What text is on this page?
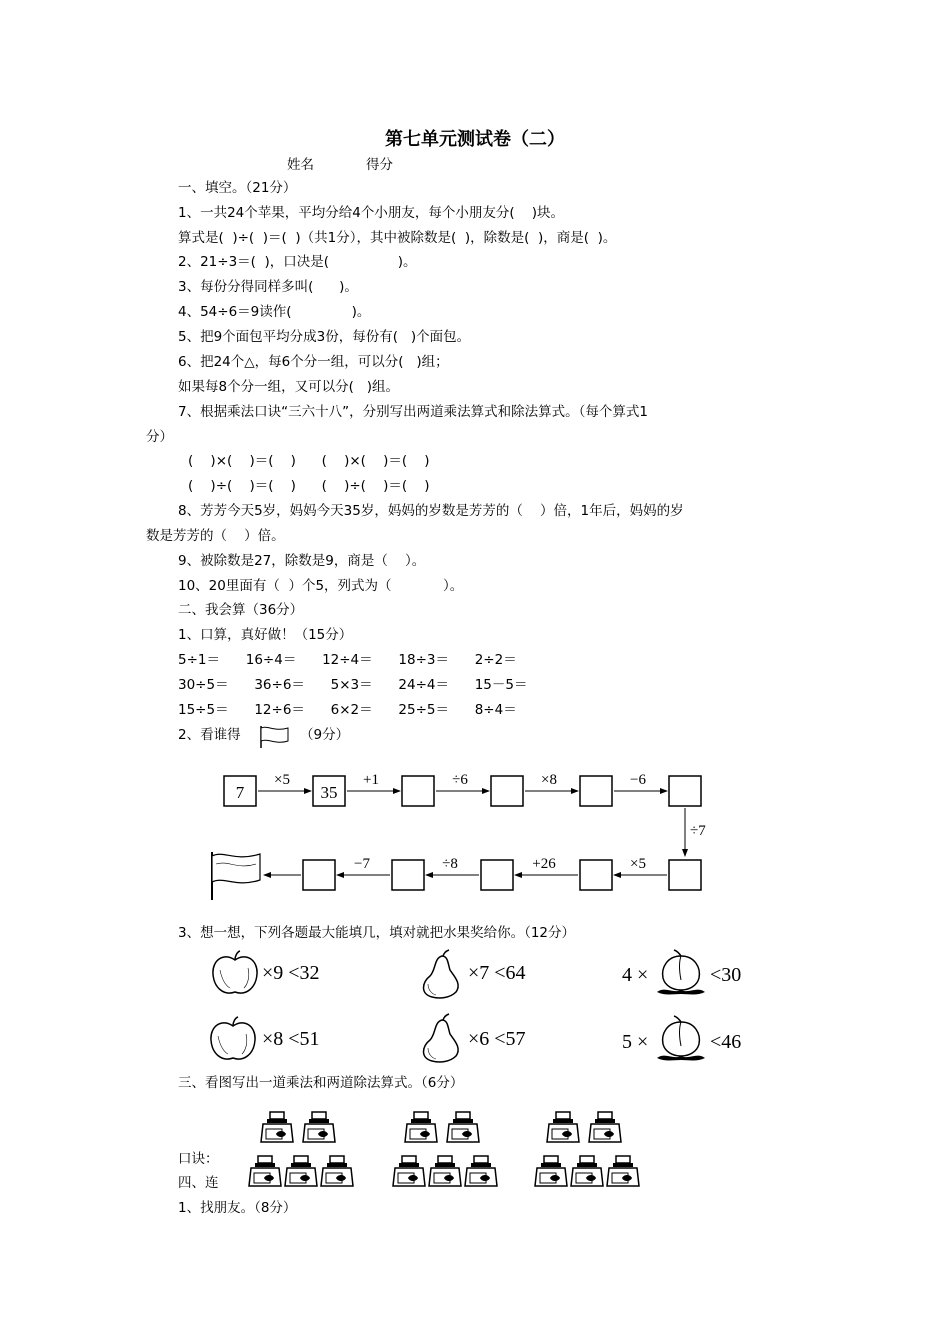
第七单元测试卷（二）
姓名	得分
一、填空。（21分）
1、一共24个苹果，平均分给4个小朋友，每个小朋友分(    )块。
算式是(  )÷(  )＝(  )（共1分），其中被除数是(  )，除数是(  )，商是(  )。
2、21÷3＝(  )，口决是(                )。
3、每份分得同样多叫(      )。
4、54÷6＝9读作(              )。
5、把9个面包平均分成3份，每份有(   )个面包。
6、把24个△，每6个分一组，可以分(   )组；
如果每8个分一组，又可以分(   )组。
7、根据乘法口诀“三六十八”，分别写出两道乘法算式和除法算式。（每个算式1
分）
(    )×(    )＝(    )      (    )×(    )＝(    )
(    )÷(    )＝(    )      (    )÷(    )＝(    )
8、芳芳今天5岁，妈妈今天35岁，妈妈的岁数是芳芳的（    ）倍，1年后，妈妈的岁
数是芳芳的（    ）倍。
9、被除数是27，除数是9，商是（    ）。
10、20里面有（  ）个5，列式为（            ）。
二、我会算（36分）
1、口算，真好做！（15分）
5÷1＝      16÷4＝      12÷4＝      18÷3＝      2÷2＝
30÷5＝      36÷6＝      5×3＝      24÷4＝      15－5＝
15÷5＝      12÷6＝      6×2＝      25÷5＝      8÷4＝
2、看谁得	（9分）
7	35
×5	+1	÷6	×8	−6
÷7
×5
+26
÷8
−7
3、想一想，下列各题最大能填几，填对就把水果奖给你。（12分）
×9 <32	×7 <64	4 ×	<30
×8 <51	×6 <57	5 ×	<46
三、看图写出一道乘法和两道除法算式。（6分）
口诀：
四、连
1、找朋友。（8分）
